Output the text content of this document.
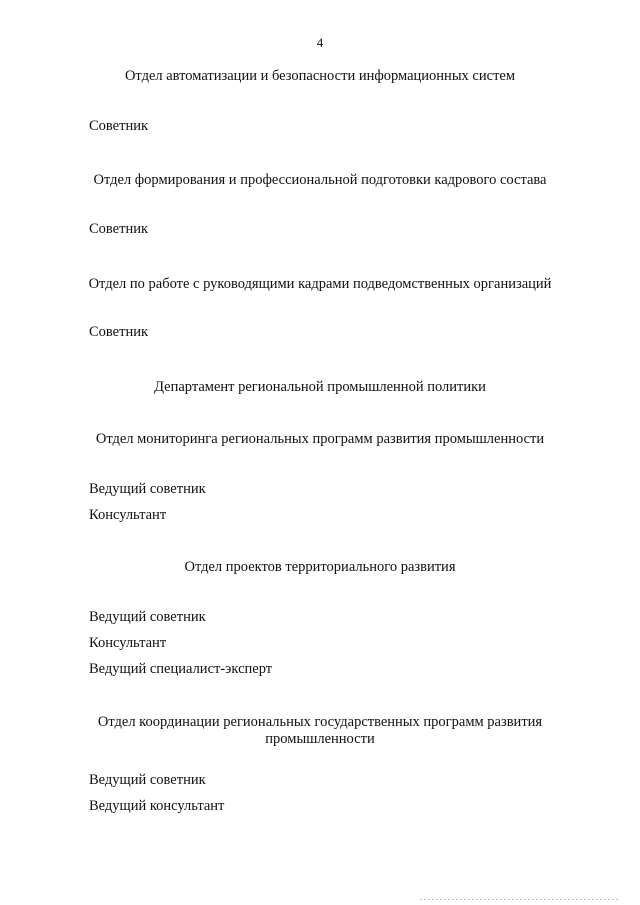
4
Отдел автоматизации и безопасности информационных систем
Советник
Отдел формирования и профессиональной подготовки кадрового состава
Советник
Отдел по работе с руководящими кадрами подведомственных организаций
Советник
Департамент региональной промышленной политики
Отдел мониторинга региональных программ развития промышленности
Ведущий советник
Консультант
Отдел проектов территориального развития
Ведущий советник
Консультант
Ведущий специалист-эксперт
Отдел координации региональных государственных программ развития
промышленности
Ведущий советник
Ведущий консультант
